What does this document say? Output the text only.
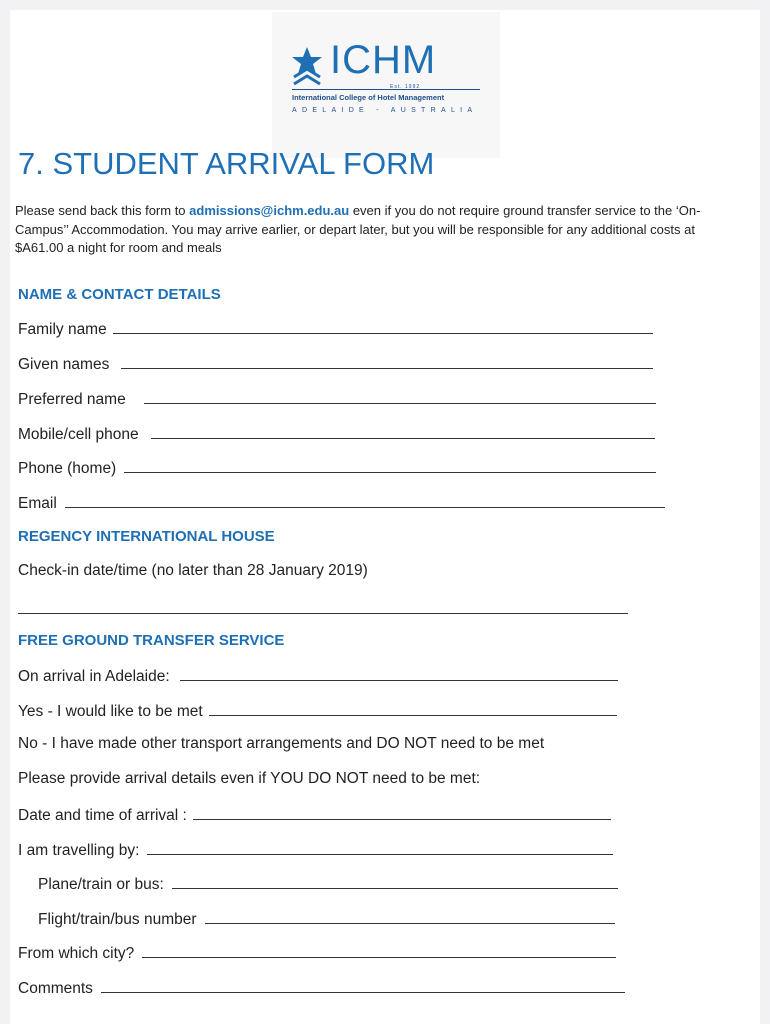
ICHM
Est. 1992
International College of Hotel Management
ADELAIDE - AUSTRALIA
7. STUDENT ARRIVAL FORM
Please send back this form to admissions@ichm.edu.au even if you do not require ground transfer service to the ‘On-Campus’’ Accommodation. You may arrive earlier, or depart later, but you will be responsible for any additional costs at $A61.00 a night for room and meals
NAME & CONTACT DETAILS
Family name
Given names
Preferred name
Mobile/cell phone
Phone (home)
Email
REGENCY INTERNATIONAL HOUSE
Check-in date/time (no later than 28 January 2019)
FREE GROUND TRANSFER SERVICE
On arrival in Adelaide:
Yes - I would like to be met
No - I have made other transport arrangements and DO NOT need to be met
Please provide arrival details even if YOU DO NOT need to be met:
Date and time of arrival :
I am travelling by:
Plane/train or bus:
Flight/train/bus number
From which city?
Comments
